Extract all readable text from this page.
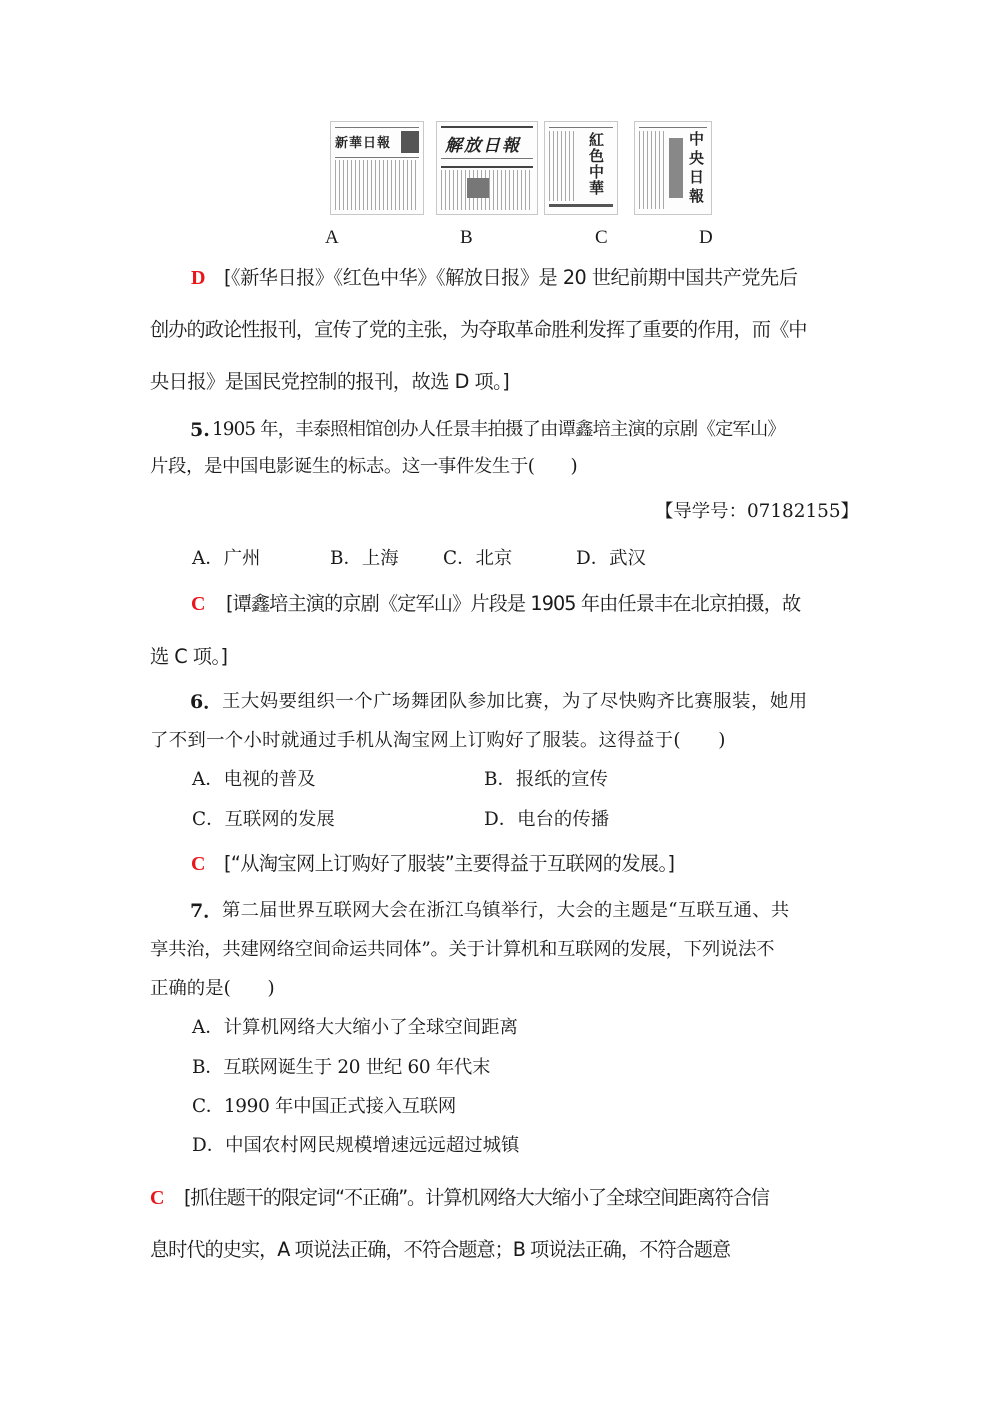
新華日報	解放日報	紅色中華
中央日報
A	B	C	D
D [《新华日报》《红色中华》《解放日报》是 20 世纪前期中国共产党先后
创办的政论性报刊，宣传了党的主张，为夺取革命胜利发挥了重要的作用，而《中
央日报》是国民党控制的报刊，故选 D 项。]
5. 1905 年，丰泰照相馆创办人任景丰拍摄了由谭鑫培主演的京剧《定军山》
片段，是中国电影诞生的标志。这一事件发生于(　　)
【导学号：07182155】
A．广州	B．上海 C．北京	D．武汉
C [谭鑫培主演的京剧《定军山》片段是 1905 年由任景丰在北京拍摄，故
选 C 项。]
6． 王大妈要组织一个广场舞团队参加比赛，为了尽快购齐比赛服装，她用
了不到一个小时就通过手机从淘宝网上订购好了服装。这得益于(　　)
A．电视的普及	B．报纸的宣传
C．互联网的发展	D．电台的传播
C [“从淘宝网上订购好了服装”主要得益于互联网的发展。]
7． 第二届世界互联网大会在浙江乌镇举行，大会的主题是“互联互通、共
享共治，共建网络空间命运共同体”。关于计算机和互联网的发展，下列说法不
正确的是(　　)
A．计算机网络大大缩小了全球空间距离
B．互联网诞生于 20 世纪 60 年代末
C．1990 年中国正式接入互联网
D．中国农村网民规模增速远远超过城镇
C [抓住题干的限定词“不正确”。计算机网络大大缩小了全球空间距离符合信
息时代的史实，A 项说法正确，不符合题意；B 项说法正确，不符合题意
